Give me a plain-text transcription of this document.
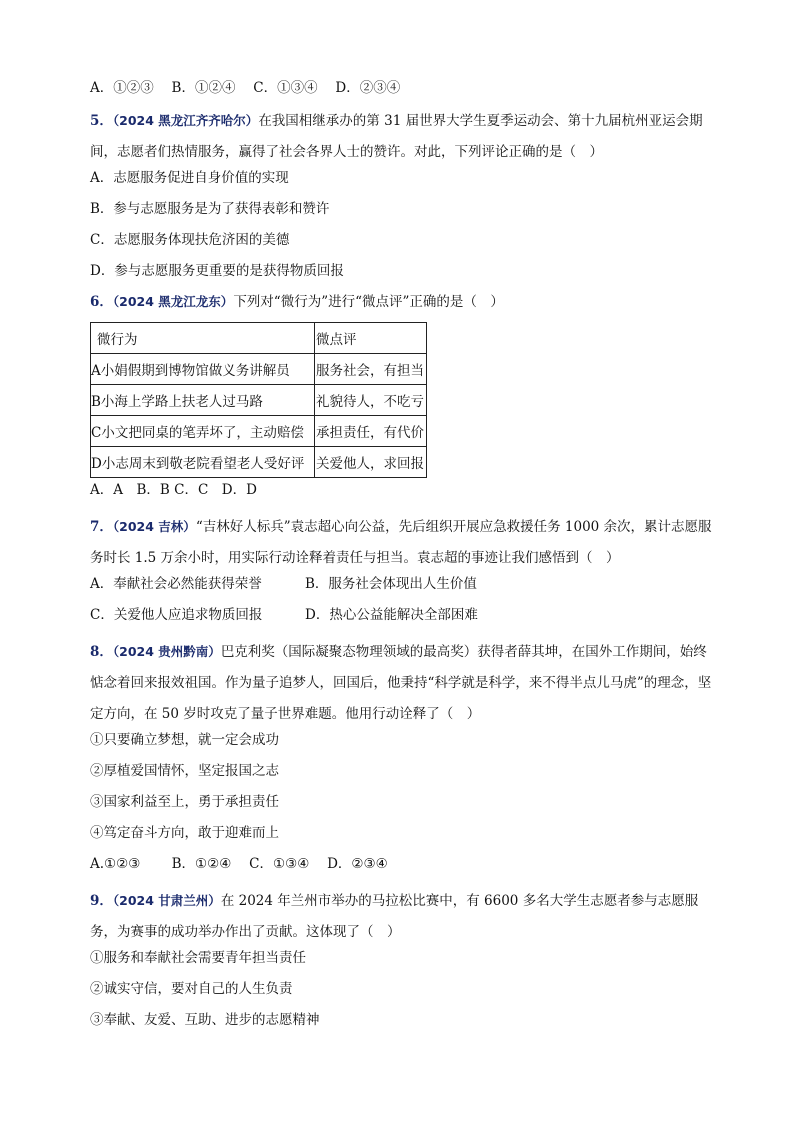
A．①②③　 B．①②④　 C．①③④　 D．②③④
5．（2024 黑龙江齐齐哈尔）在我国相继承办的第 31 届世界大学生夏季运动会、第十九届杭州亚运会期间，志愿者们热情服务，赢得了社会各界人士的赞许。对此，下列评论正确的是（　）
A．志愿服务促进自身价值的实现
B．参与志愿服务是为了获得表彰和赞许
C．志愿服务体现扶危济困的美德
D．参与志愿服务更重要的是获得物质回报
6．（2024 黑龙江龙东）下列对“微行为”进行“微点评”正确的是（　）
微行为	微点评
A小娟假期到博物馆做义务讲解员	服务社会，有担当
B小海上学路上扶老人过马路	礼貌待人，不吃亏
C小文把同桌的笔弄坏了，主动赔偿	承担责任，有代价
D小志周末到敬老院看望老人受好评	关爱他人，求回报
A．A　B．B C．C　D．D
7．（2024 吉林）“吉林好人标兵”袁志超心向公益，先后组织开展应急救援任务 1000 余次，累计志愿服务时长 1.5 万余小时，用实际行动诠释着责任与担当。袁志超的事迹让我们感悟到（　）
A．奉献社会必然能获得荣誉	B．服务社会体现出人生价值
C．关爱他人应追求物质回报	D．热心公益能解决全部困难
8．（2024 贵州黔南）巴克利奖（国际凝聚态物理领域的最高奖）获得者薛其坤，在国外工作期间，始终惦念着回来报效祖国。作为量子追梦人，回国后，他秉持“科学就是科学，来不得半点儿马虎”的理念，坚定方向，在 50 岁时攻克了量子世界难题。他用行动诠释了（　）
①只要确立梦想，就一定会成功
②厚植爱国情怀，坚定报国之志
③国家利益至上，勇于承担责任
④笃定奋斗方向，敢于迎难而上
A.①②③　　 B．①②④　 C．①③④　 D．②③④
9．（2024 甘肃兰州）在 2024 年兰州市举办的马拉松比赛中，有 6600 多名大学生志愿者参与志愿服务，为赛事的成功举办作出了贡献。这体现了（　）
①服务和奉献社会需要青年担当责任
②诚实守信，要对自己的人生负责
③奉献、友爱、互助、进步的志愿精神
